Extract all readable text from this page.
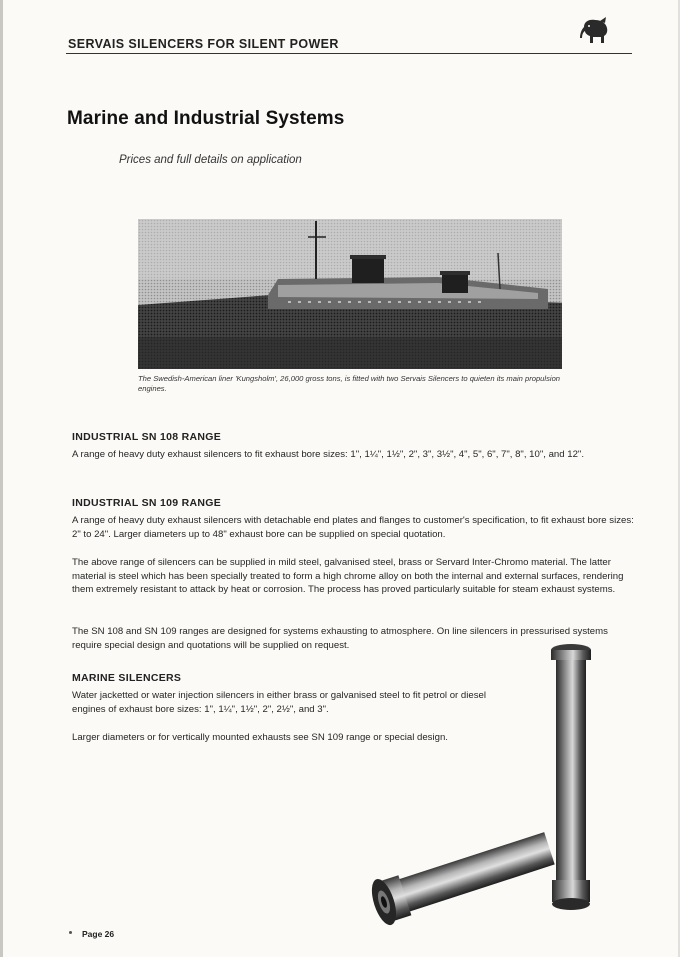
SERVAIS SILENCERS FOR SILENT POWER
Marine and Industrial Systems
Prices and full details on application
The Swedish-American liner 'Kungsholm', 26,000 gross tons, is fitted with two Servais Silencers to quieten its main propulsion engines.
INDUSTRIAL SN 108 RANGE
A range of heavy duty exhaust silencers to fit exhaust bore sizes: 1", 1¼", 1½", 2", 3", 3½", 4", 5", 6", 7", 8", 10", and 12".
INDUSTRIAL SN 109 RANGE
A range of heavy duty exhaust silencers with detachable end plates and flanges to customer's specification, to fit exhaust bore sizes: 2" to 24". Larger diameters up to 48" exhaust bore can be supplied on special quotation.
The above range of silencers can be supplied in mild steel, galvanised steel, brass or Servard Inter-Chromo material. The latter material is steel which has been specially treated to form a high chrome alloy on both the internal and external surfaces, rendering them extremely resistant to attack by heat or corrosion. The process has proved particularly suitable for steam exhaust systems.
The SN 108 and SN 109 ranges are designed for systems exhausting to atmosphere. On line silencers in pressurised systems require special design and quotations will be supplied on request.
MARINE SILENCERS
Water jacketted or water injection silencers in either brass or galvanised steel to fit petrol or diesel engines of exhaust bore sizes: 1", 1¼", 1½", 2", 2½", and 3".
Larger diameters or for vertically mounted exhausts see SN 109 range or special design.
Page 26
